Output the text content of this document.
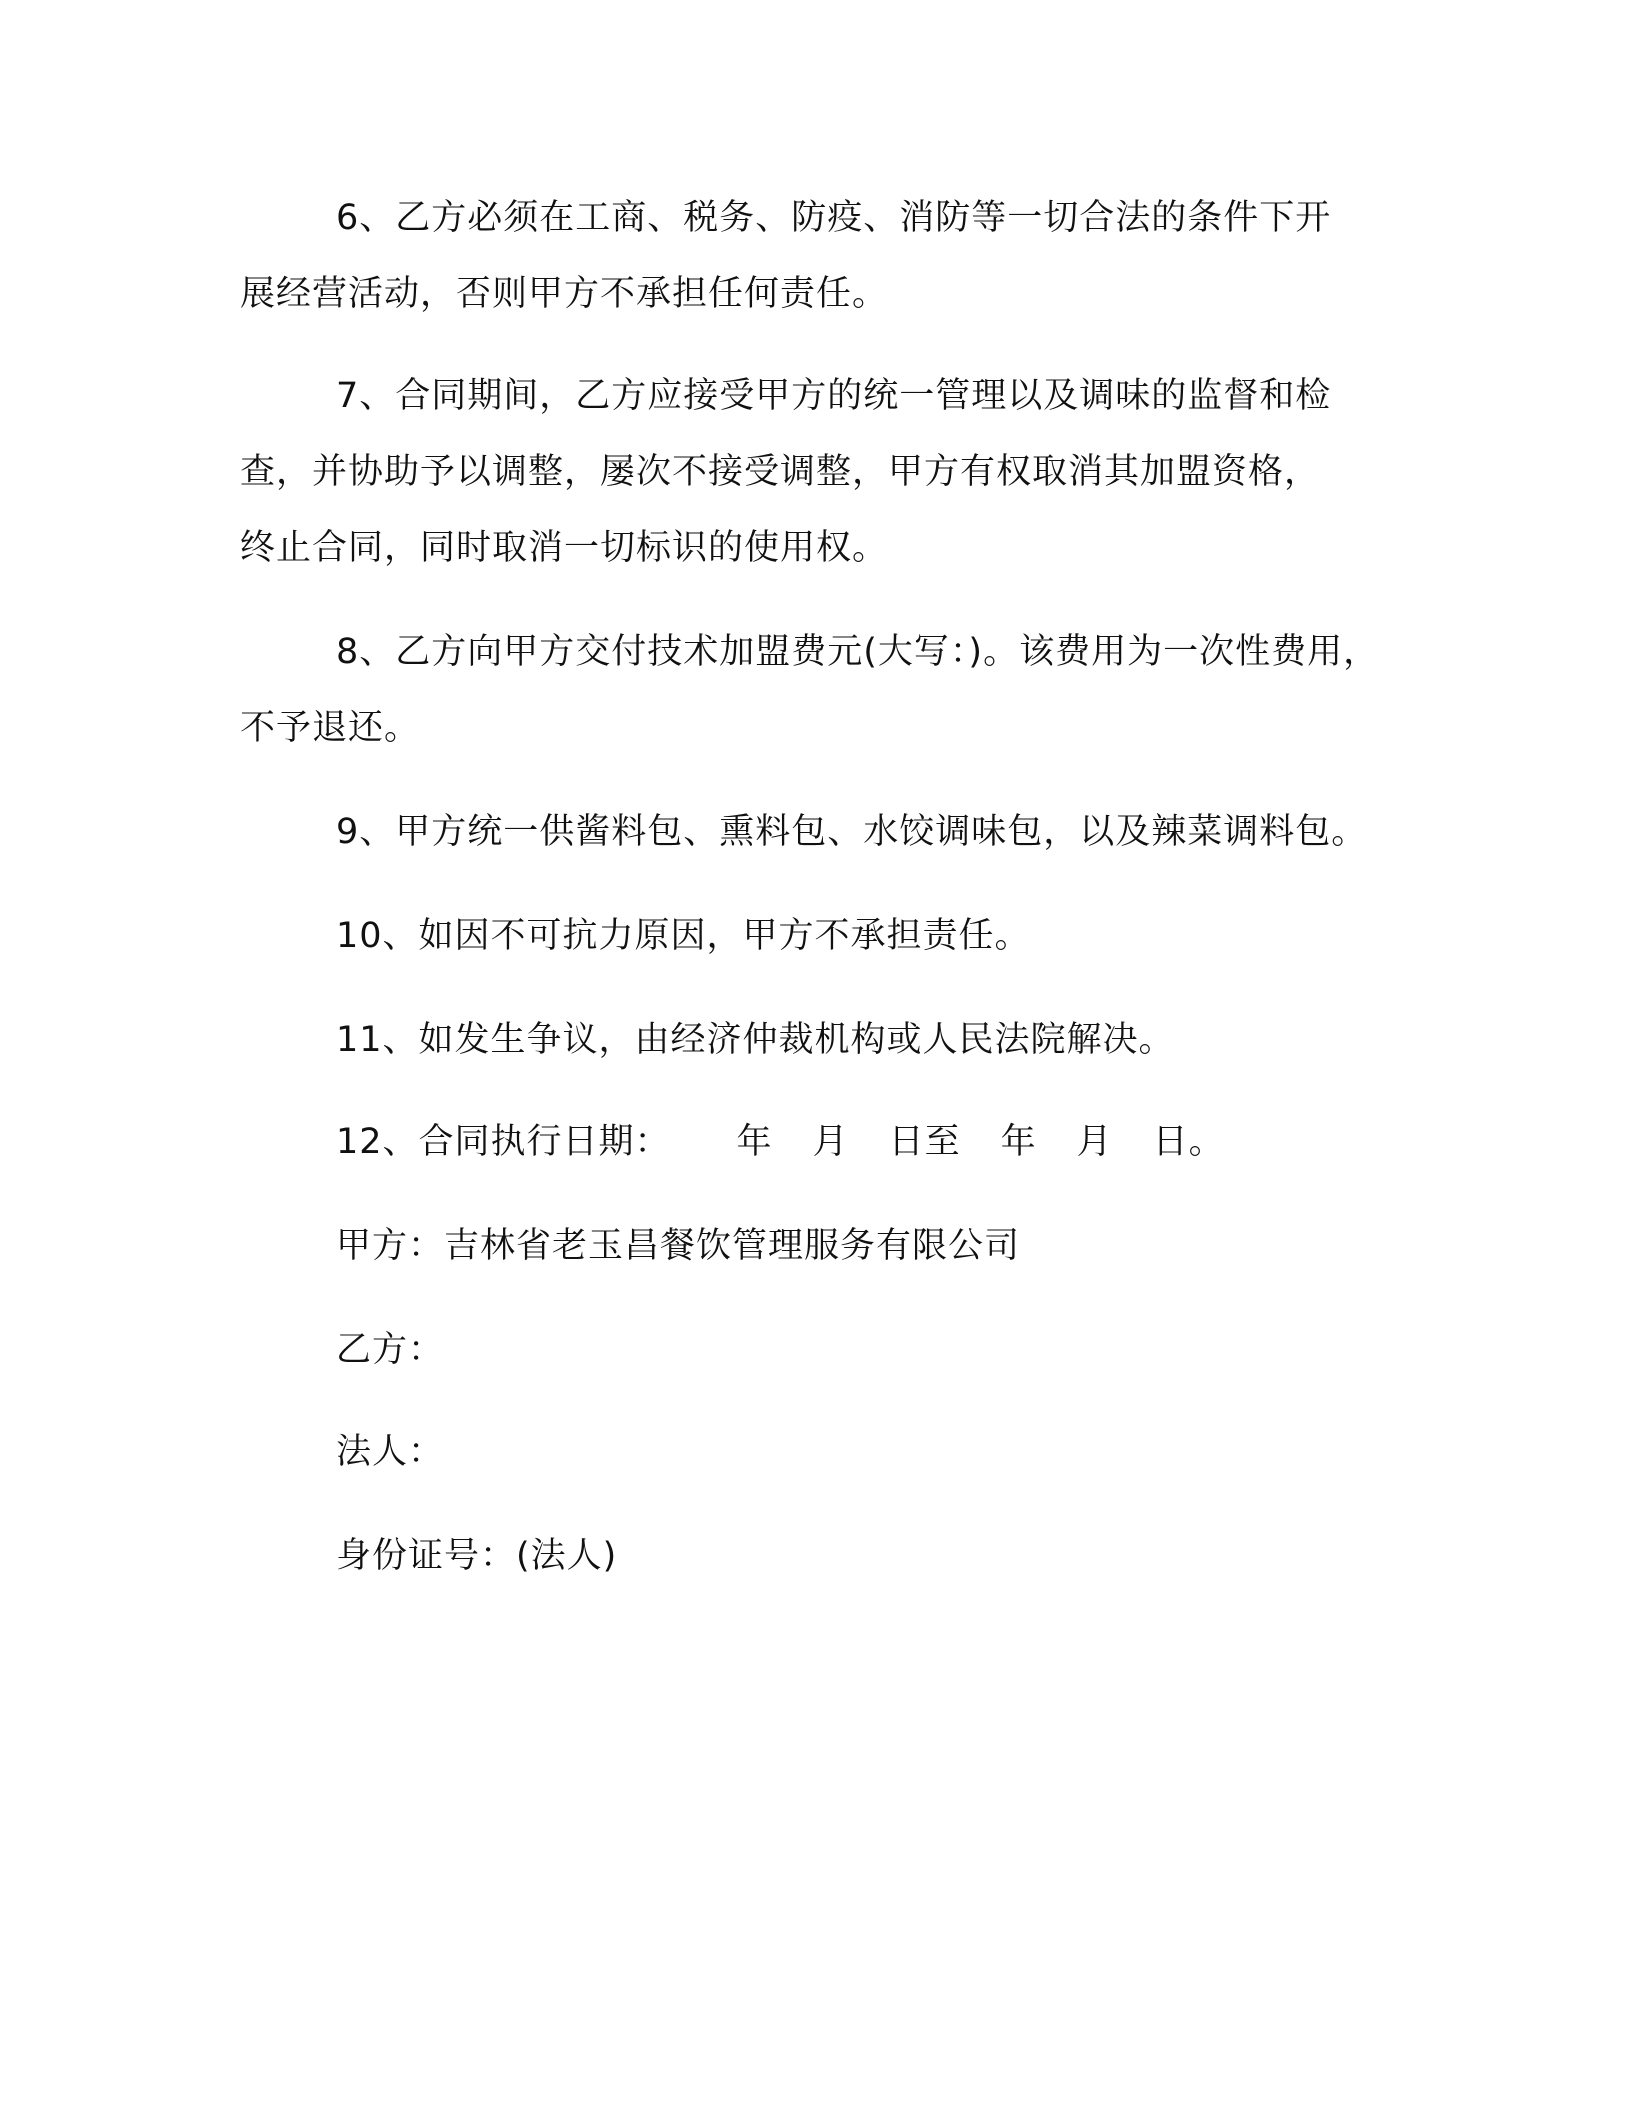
6、乙方必须在工商、税务、防疫、消防等一切合法的条件下开
展经营活动，否则甲方不承担任何责任。
7、合同期间，乙方应接受甲方的统一管理以及调味的监督和检
查，并协助予以调整，屡次不接受调整，甲方有权取消其加盟资格，
终止合同，同时取消一切标识的使用权。
8、乙方向甲方交付技术加盟费元(大写：)。该费用为一次性费用，
不予退还。
9、甲方统一供酱料包、熏料包、水饺调味包，以及辣菜调料包。
10、如因不可抗力原因，甲方不承担责任。
11、如发生争议，由经济仲裁机构或人民法院解决。
12、合同执行日期： 年 月 日至 年 月 日。
甲方：吉林省老玉昌餐饮管理服务有限公司
乙方：
法人：
身份证号：(法人)
